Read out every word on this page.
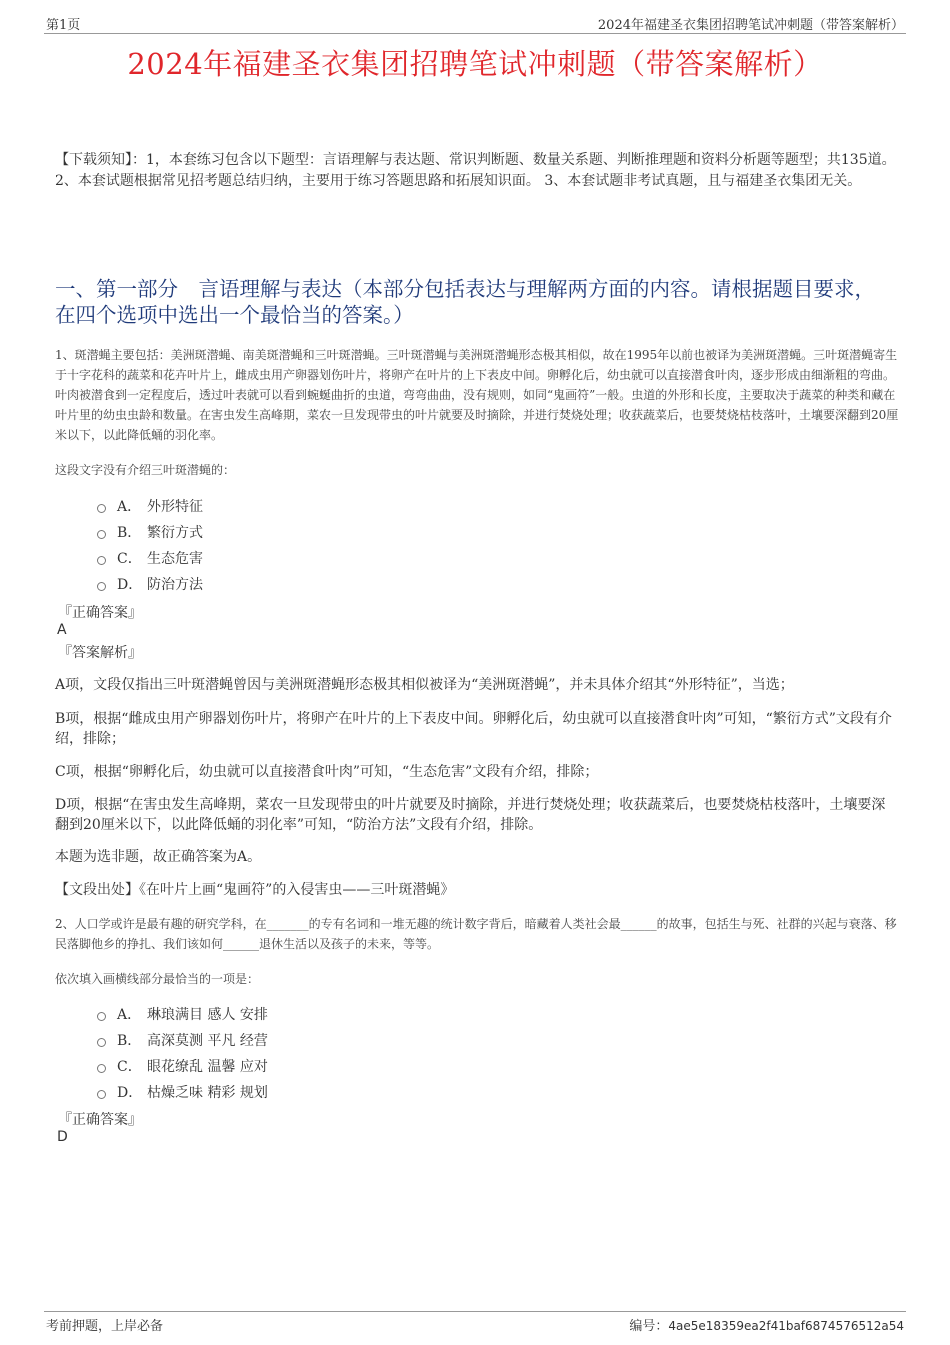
第1页	2024年福建圣衣集团招聘笔试冲刺题（带答案解析）
2024年福建圣衣集团招聘笔试冲刺题（带答案解析）
【下载须知】：1，本套练习包含以下题型：言语理解与表达题、常识判断题、数量关系题、判断推理题和资料分析题等题型；共135道。 2、本套试题根据常见招考题总结归纳，主要用于练习答题思路和拓展知识面。 3、本套试题非考试真题，且与福建圣衣集团无关。
一、第一部分　言语理解与表达（本部分包括表达与理解两方面的内容。请根据题目要求，在四个选项中选出一个最恰当的答案。）
1、斑潜蝇主要包括：美洲斑潜蝇、南美斑潜蝇和三叶斑潜蝇。三叶斑潜蝇与美洲斑潜蝇形态极其相似，故在1995年以前也被译为美洲斑潜蝇。三叶斑潜蝇寄生于十字花科的蔬菜和花卉叶片上，雌成虫用产卵器划伤叶片，将卵产在叶片的上下表皮中间。卵孵化后，幼虫就可以直接潜食叶肉，逐步形成由细渐粗的弯曲。叶肉被潜食到一定程度后，透过叶表就可以看到蜿蜒曲折的虫道，弯弯曲曲，没有规则，如同“鬼画符”一般。虫道的外形和长度，主要取决于蔬菜的种类和藏在叶片里的幼虫虫龄和数量。在害虫发生高峰期，菜农一旦发现带虫的叶片就要及时摘除，并进行焚烧处理；收获蔬菜后，也要焚烧枯枝落叶，土壤要深翻到20厘米以下，以此降低蛹的羽化率。
这段文字没有介绍三叶斑潜蝇的：
A． 外形特征
B． 繁衍方式
C． 生态危害
D． 防治方法
『正确答案』
A
『答案解析』
A项，文段仅指出三叶斑潜蝇曾因与美洲斑潜蝇形态极其相似被译为“美洲斑潜蝇”，并未具体介绍其“外形特征”，当选；
B项，根据“雌成虫用产卵器划伤叶片，将卵产在叶片的上下表皮中间。卵孵化后，幼虫就可以直接潜食叶肉”可知，“繁衍方式”文段有介绍，排除；
C项，根据“卵孵化后，幼虫就可以直接潜食叶肉”可知，“生态危害”文段有介绍，排除；
D项，根据“在害虫发生高峰期，菜农一旦发现带虫的叶片就要及时摘除，并进行焚烧处理；收获蔬菜后，也要焚烧枯枝落叶，土壤要深翻到20厘米以下，以此降低蛹的羽化率”可知，“防治方法”文段有介绍，排除。
本题为选非题，故正确答案为A。
【文段出处】《在叶片上画“鬼画符”的入侵害虫——三叶斑潜蝇》
2、人口学或许是最有趣的研究学科，在_______的专有名词和一堆无趣的统计数字背后，暗藏着人类社会最______的故事，包括生与死、社群的兴起与衰落、移民落脚他乡的挣扎、我们该如何______退休生活以及孩子的未来，等等。
依次填入画横线部分最恰当的一项是：
A． 琳琅满目 感人 安排
B． 高深莫测 平凡 经营
C． 眼花缭乱 温馨 应对
D． 枯燥乏味 精彩 规划
『正确答案』
D
考前押题，上岸必备	编号：4ae5e18359ea2f41baf6874576512a54
